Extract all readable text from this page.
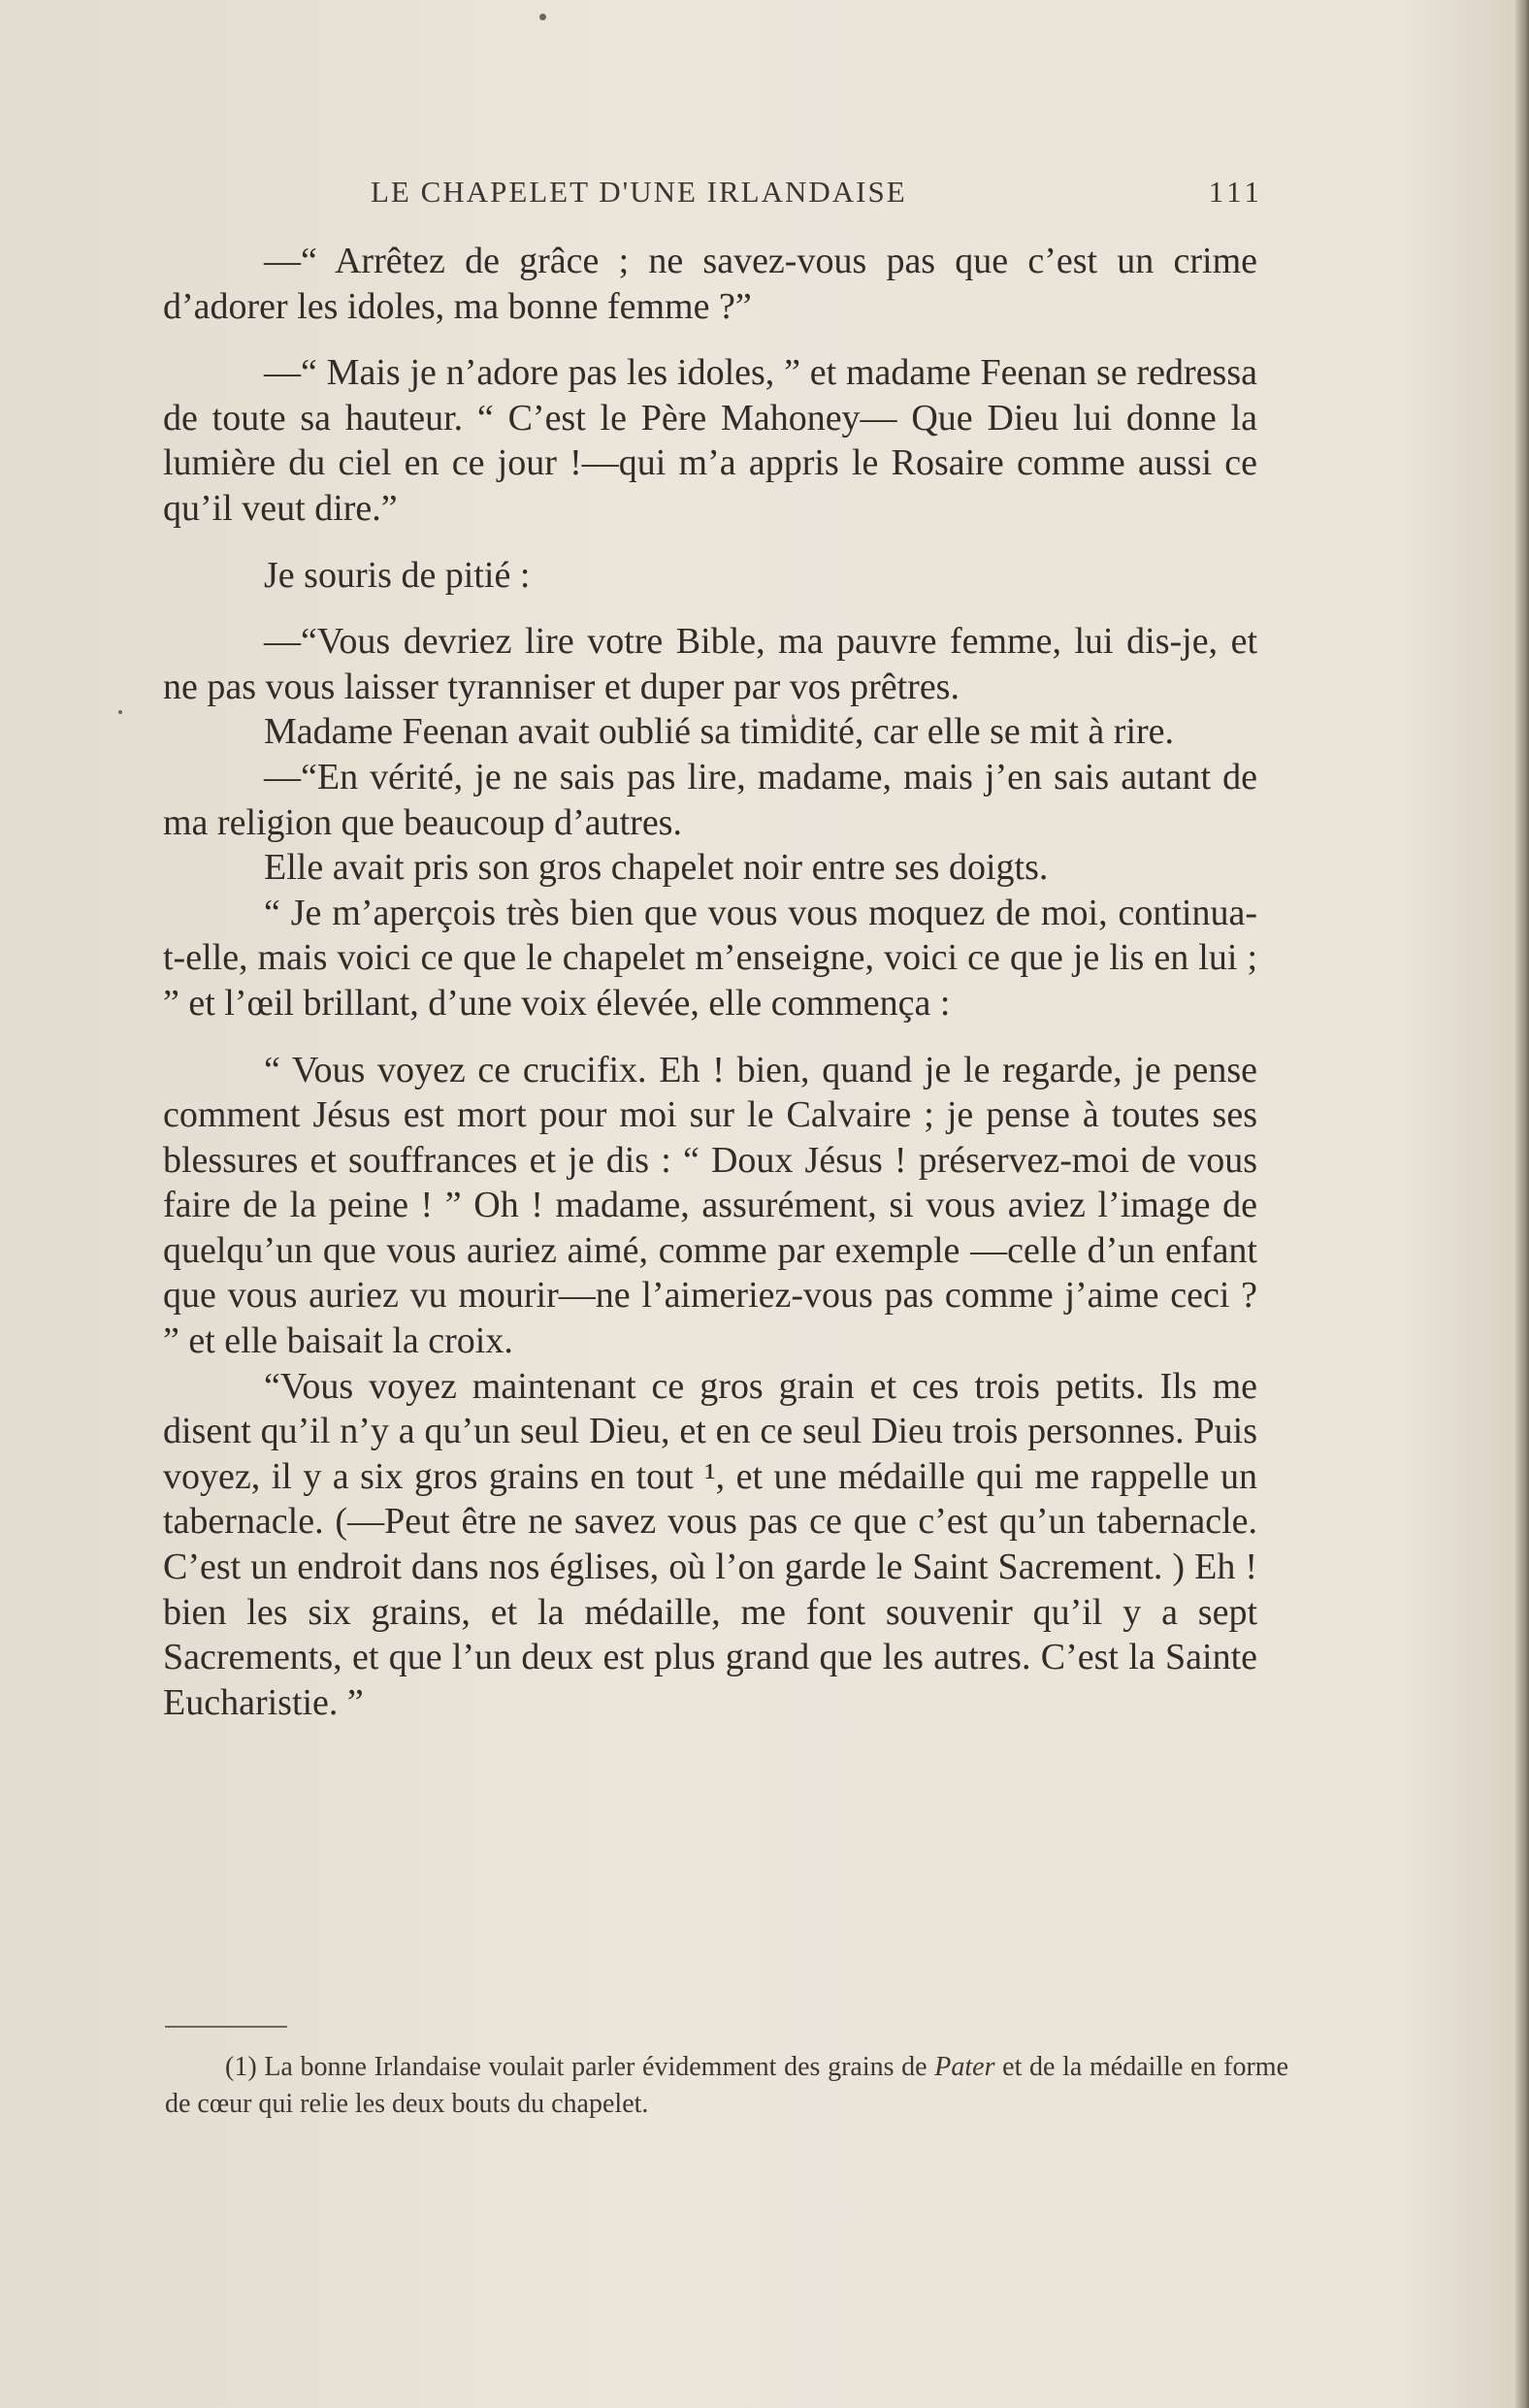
LE CHAPELET D'UNE IRLANDAISE	111

—“ Arrêtez de grâce ; ne savez-vous pas que c’est un crime d’adorer les idoles, ma bonne femme ?”

—“ Mais je n’adore pas les idoles, ” et madame Feenan se redressa de toute sa hauteur. “ C’est le Père Mahoney— Que Dieu lui donne la lumière du ciel en ce jour !—qui m’a appris le Rosaire comme aussi ce qu’il veut dire.”

Je souris de pitié :

—“Vous devriez lire votre Bible, ma pauvre femme, lui dis-je, et ne pas vous laisser tyranniser et duper par vos prêtres.

Madame Feenan avait oublié sa timidité, car elle se mit à rire.

—“En vérité, je ne sais pas lire, madame, mais j’en sais autant de ma religion que beaucoup d’autres.

Elle avait pris son gros chapelet noir entre ses doigts.

“ Je m’aperçois très bien que vous vous moquez de moi, continua-t-elle, mais voici ce que le chapelet m’enseigne, voici ce que je lis en lui ; ” et l’œil brillant, d’une voix élevée, elle commença :

“ Vous voyez ce crucifix. Eh ! bien, quand je le regarde, je pense comment Jésus est mort pour moi sur le Calvaire ; je pense à toutes ses blessures et souffrances et je dis : “ Doux Jésus ! préservez-moi de vous faire de la peine ! ” Oh ! madame, assurément, si vous aviez l’image de quelqu’un que vous auriez aimé, comme par exemple —celle d’un enfant que vous auriez vu mourir—ne l’aimeriez-vous pas comme j’aime ceci ? ” et elle baisait la croix.

“Vous voyez maintenant ce gros grain et ces trois petits. Ils me disent qu’il n’y a qu’un seul Dieu, et en ce seul Dieu trois personnes. Puis voyez, il y a six gros grains en tout ¹, et une médaille qui me rappelle un tabernacle. (—Peut être ne savez vous pas ce que c’est qu’un tabernacle. C’est un endroit dans nos églises, où l’on garde le Saint Sacrement. ) Eh ! bien les six grains, et la médaille, me font souvenir qu’il y a sept Sacrements, et que l’un deux est plus grand que les autres. C’est la Sainte Eucharistie. ”

(1) La bonne Irlandaise voulait parler évidemment des grains de Pater et de la médaille en forme de cœur qui relie les deux bouts du chapelet.
